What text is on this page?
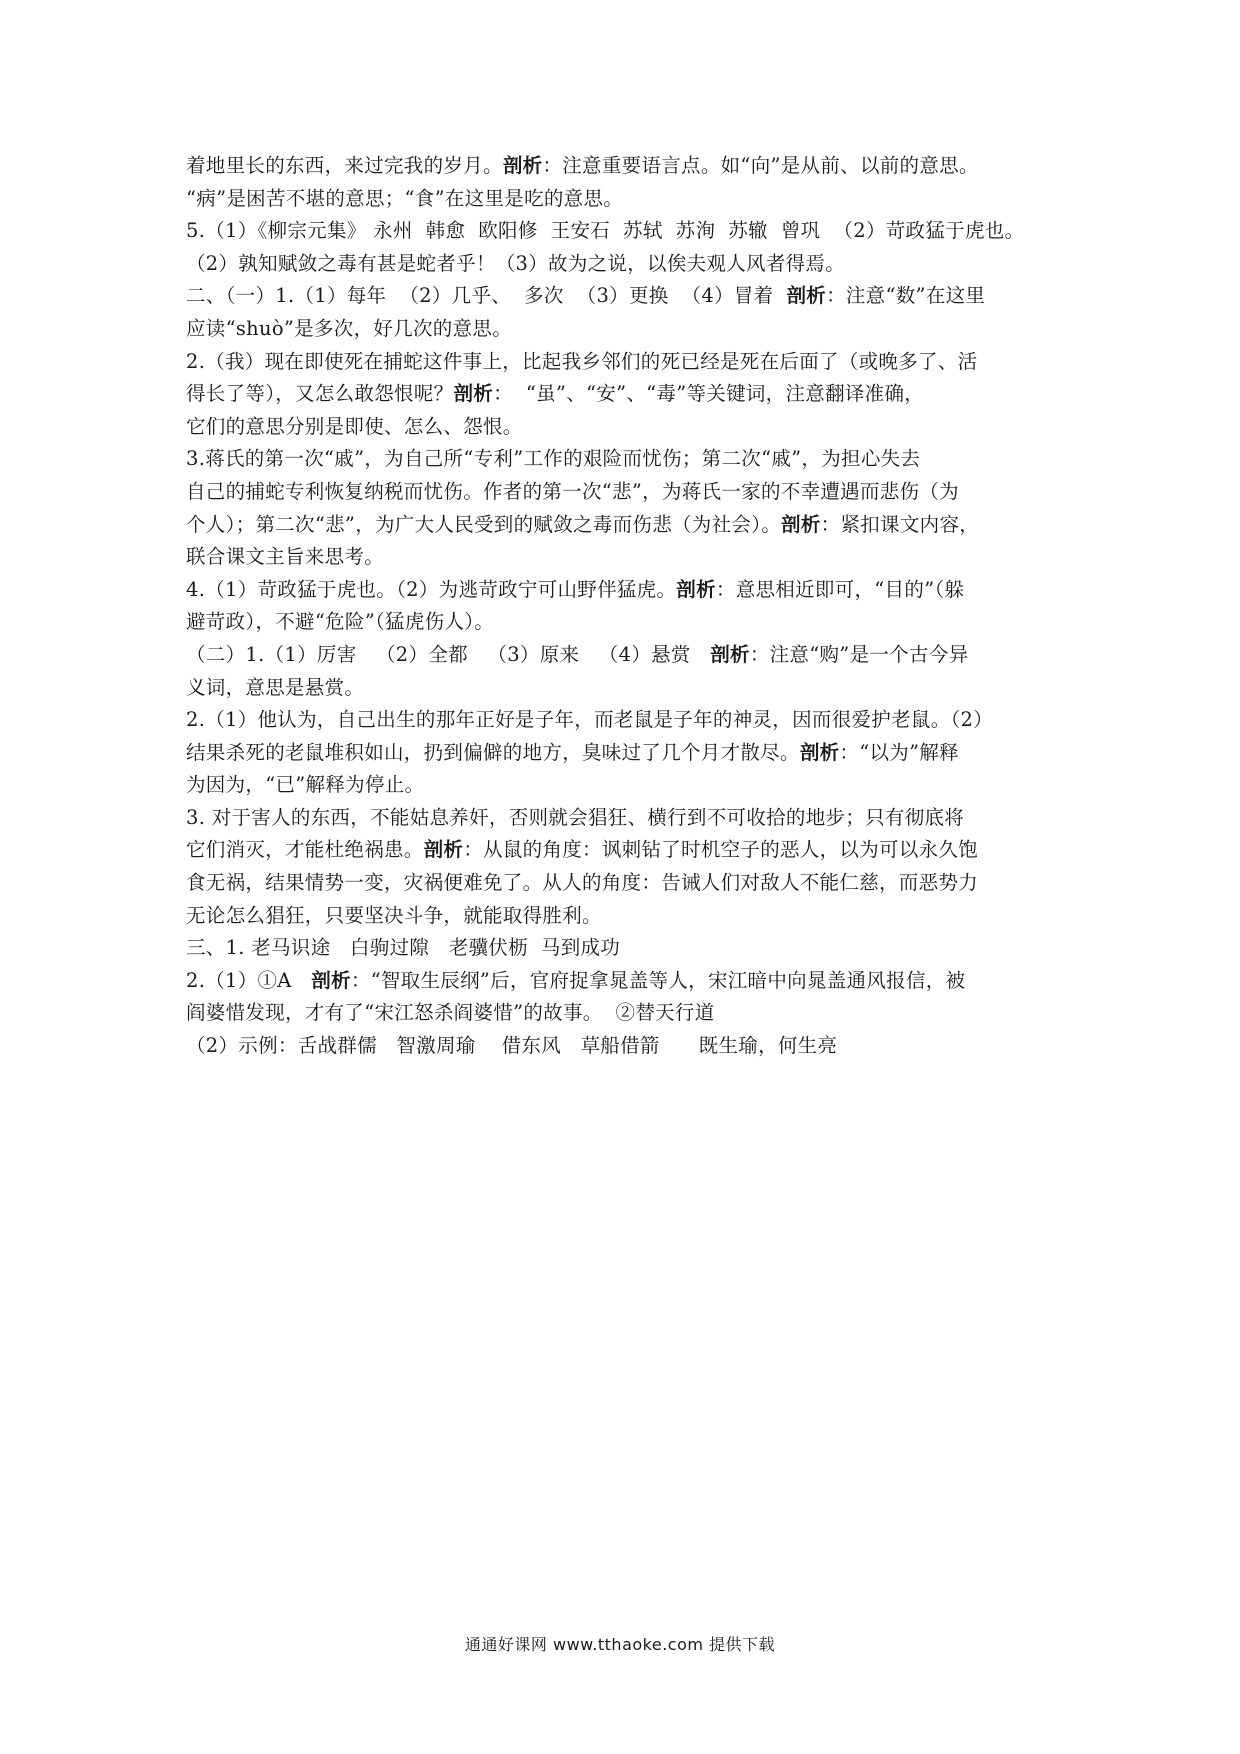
着地里长的东西，来过完我的岁月。剖析：注意重要语言点。如“向”是从前、以前的意思。
“病”是困苦不堪的意思；“食”在这里是吃的意思。
5.（1）《柳宗元集》 永州  韩愈  欧阳修  王安石  苏轼  苏洵  苏辙  曾巩  （2）苛政猛于虎也。
（2）孰知赋敛之毒有甚是蛇者乎！（3）故为之说，以俟夫观人风者得焉。
二、（一）1.（1）每年  （2）几乎、  多次  （3）更换  （4）冒着  剖析：注意“数”在这里
应读“shuò”是多次，好几次的意思。
2.（我）现在即使死在捕蛇这件事上，比起我乡邻们的死已经是死在后面了（或晚多了、活
得长了等），又怎么敢怨恨呢？剖析：  “虽”、“安”、“毒”等关键词，注意翻译准确，
它们的意思分别是即使、怎么、怨恨。
3.蒋氏的第一次“戚”，为自己所“专利”工作的艰险而忧伤；第二次“戚”，为担心失去
自己的捕蛇专利恢复纳税而忧伤。作者的第一次“悲”，为蒋氏一家的不幸遭遇而悲伤（为
个人）；第二次“悲”，为广大人民受到的赋敛之毒而伤悲（为社会）。剖析：紧扣课文内容，
联合课文主旨来思考。
4.（1）苛政猛于虎也。（2）为逃苛政宁可山野伴猛虎。剖析：意思相近即可，“目的”（躲
避苛政），不避“危险”（猛虎伤人）。
（二）1.（1）厉害   （2）全都   （3）原来   （4）悬赏   剖析：注意“购”是一个古今异
义词，意思是悬赏。
2.（1）他认为，自己出生的那年正好是子年，而老鼠是子年的神灵，因而很爱护老鼠。（2）
结果杀死的老鼠堆积如山，扔到偏僻的地方，臭味过了几个月才散尽。剖析：“以为”解释
为因为，“已”解释为停止。
3. 对于害人的东西，不能姑息养奸，否则就会猖狂、横行到不可收拾的地步；只有彻底将
它们消灭，才能杜绝祸患。剖析：从鼠的角度：讽刺钻了时机空子的恶人，以为可以永久饱
食无祸，结果情势一变，灾祸便难免了。从人的角度：告诫人们对敌人不能仁慈，而恶势力
无论怎么猖狂，只要坚决斗争，就能取得胜利。
三、1. 老马识途   白驹过隙   老骥伏枥  马到成功
2.（1）①A   剖析：“智取生辰纲”后，官府捉拿晁盖等人，宋江暗中向晁盖通风报信，被
阎婆惜发现，才有了“宋江怒杀阎婆惜”的故事。  ②替天行道
（2）示例：舌战群儒   智激周瑜    借东风   草船借箭      既生瑜，何生亮
通通好课网 www.tthaoke.com 提供下载
